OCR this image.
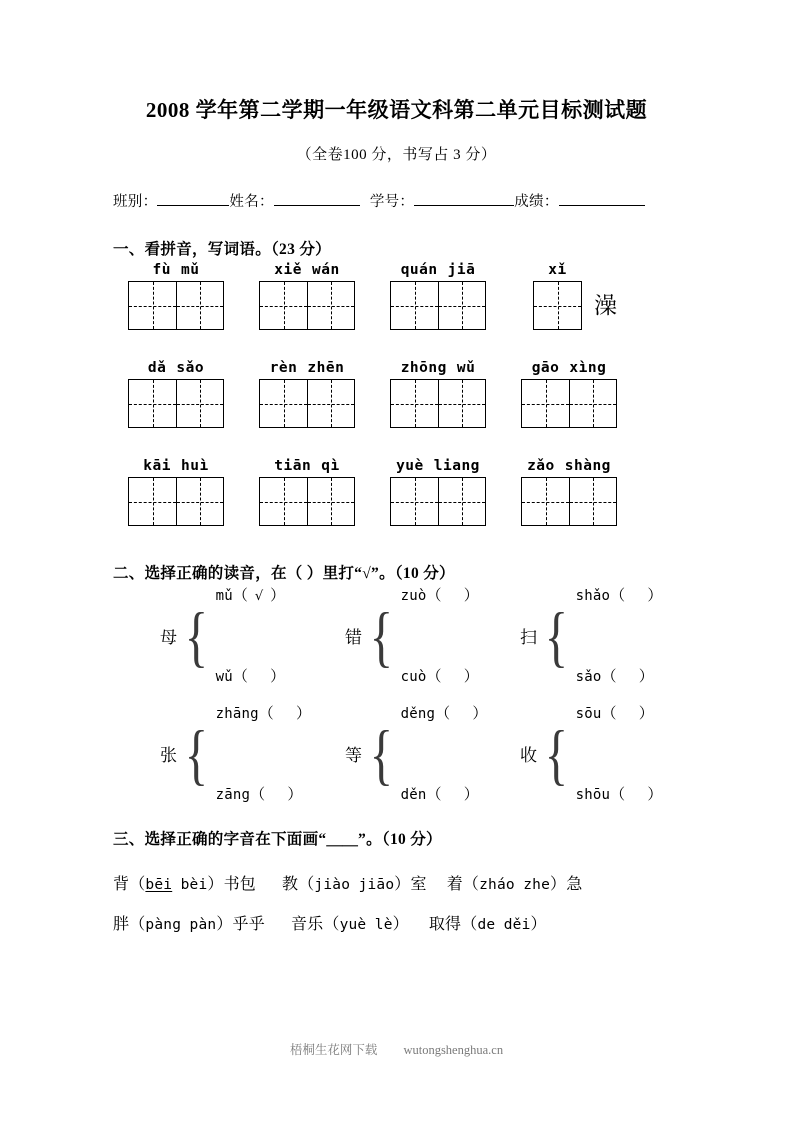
2008 学年第二学期一年级语文科第二单元目标测试题
（全卷100 分，书写占 3 分）
班别：	姓名：	学号：	成绩：
一、看拼音，写词语。（23 分）
fù mǔ	xiě wán	quán jiā	xǐ
澡
dǎ sǎo	rèn zhēn	zhōng wǔ	gāo xìng
kāi huì	tiān qì	yuè liang	zǎo shàng
二、选择正确的读音，在（ ）里打“√”。（10 分）
母 {
mǔ（ √ ）
wǔ（ ）
错 {
zuò（ ）
cuò（ ）
扫 {
shǎo（ ）
sǎo（ ）
张 {
zhāng（ ）
zāng（ ）
等 {
děng（ ）
děn（ ）
收 {
sōu（ ）
shōu（ ）
三、选择正确的字音在下面画“＿＿”。（10 分）
背（bēi bèi）书包 教（jiào jiāo）室 着（zháo zhe）急
胖（pàng pàn）乎乎 音乐（yuè lè） 取得（de děi）
梧桐生花网下载 wutongshenghua.cn
